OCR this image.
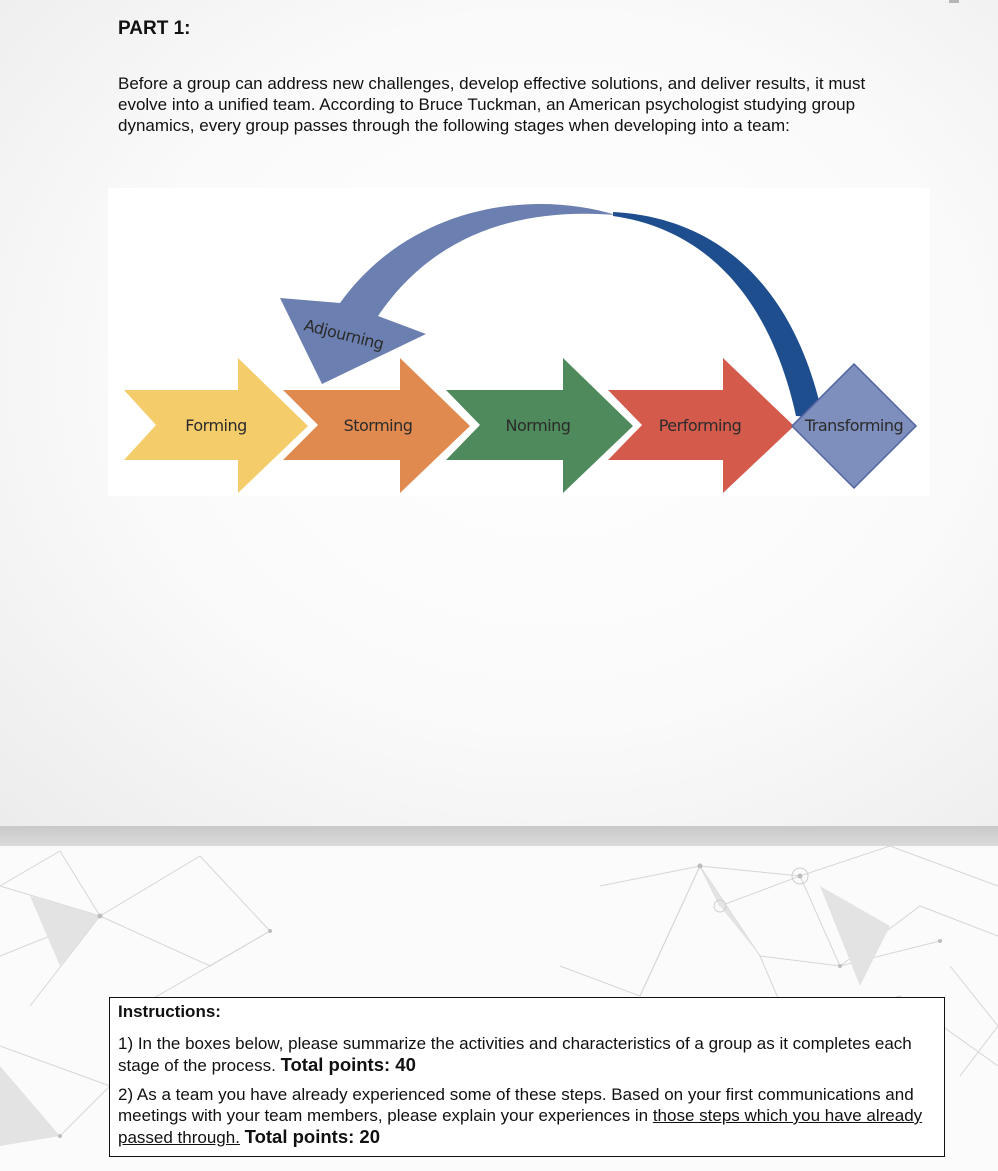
PART 1:
Before a group can address new challenges, develop effective solutions, and deliver results, it must evolve into a unified team. According to Bruce Tuckman, an American psychologist studying group dynamics, every group passes through the following stages when developing into a team:
Forming	Storming	Norming	Performing	Transforming
Adjourning
Instructions:

1) In the boxes below, please summarize the activities and characteristics of a group as it completes each stage of the process. Total points: 40

2) As a team you have already experienced some of these steps. Based on your first communications and meetings with your team members, please explain your experiences in those steps which you have already passed through. Total points: 20
